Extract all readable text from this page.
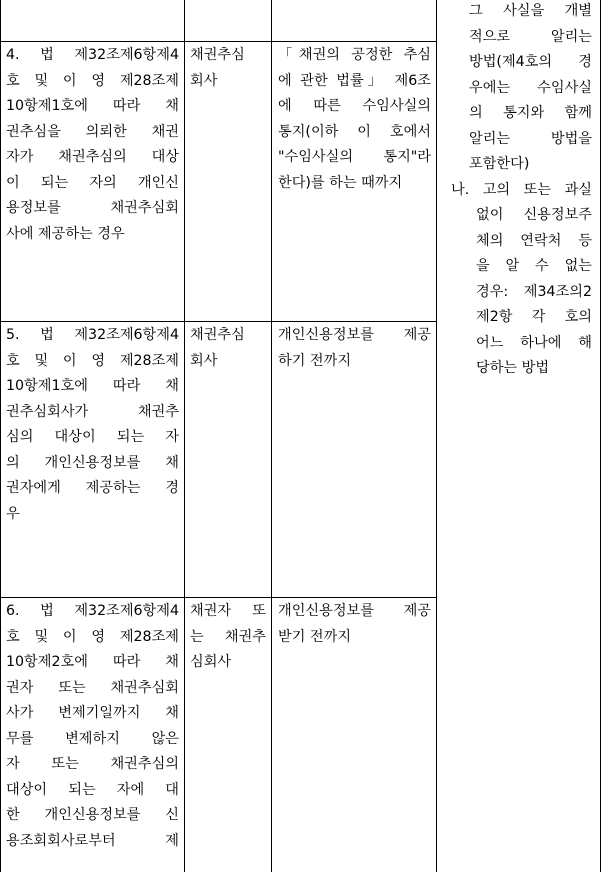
4. 법 제32조제6항제4
호 및 이 영 제28조제
10항제1호에 따라 채
권추심을 의뢰한 채권
자가 채권추심의 대상
이 되는 자의 개인신
용정보를 채권추심회
사에 제공하는 경우
채권추심
회사
「채권의 공정한 추심
에 관한 법률」 제6조
에 따른 수임사실의
통지(이하 이 호에서
"수임사실의 통지"라
한다)를 하는 때까지
5. 법 제32조제6항제4
호 및 이 영 제28조제
10항제1호에 따라 채
권추심회사가 채권추
심의 대상이 되는 자
의 개인신용정보를 채
권자에게 제공하는 경
우
채권추심
회사
개인신용정보를 제공
하기 전까지
6. 법 제32조제6항제4
호 및 이 영 제28조제
10항제2호에 따라 채
권자 또는 채권추심회
사가 변제기일까지 채
무를 변제하지 않은
자 또는 채권추심의
대상이 되는 자에 대
한 개인신용정보를 신
용조회회사로부터 제
채권자 또
는 채권추
심회사
개인신용정보를 제공
받기 전까지
그 사실을 개별
적으로 알리는
방법(제4호의 경
우에는 수임사실
의 통지와 함께
알리는 방법을
포함한다)
나. 고의 또는 과실
없이 신용정보주
체의 연락처 등
을 알 수 없는
경우: 제34조의2
제2항 각 호의
어느 하나에 해
당하는 방법
